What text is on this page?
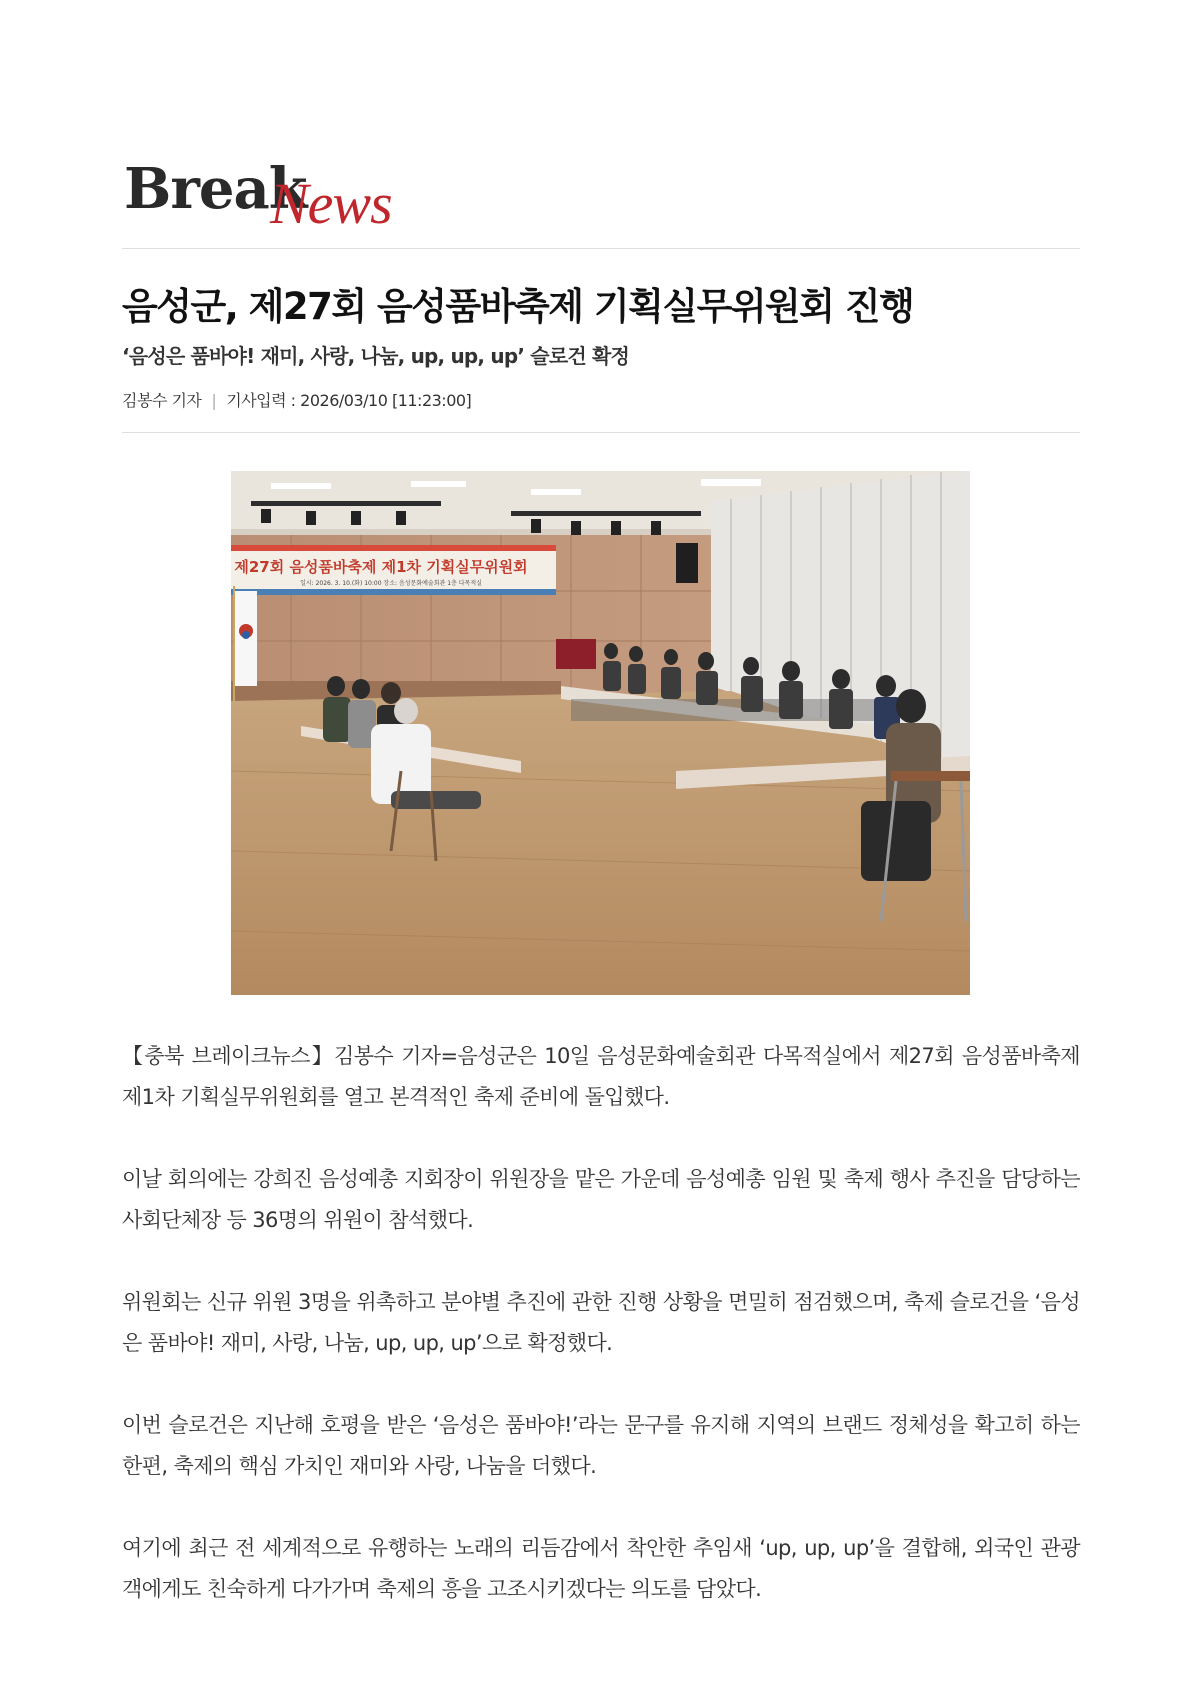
Break
News
음성군, 제27회 음성품바축제 기획실무위원회 진행
‘음성은 품바야! 재미, 사랑, 나눔, up, up, up’ 슬로건 확정
김봉수 기자 | 기사입력 : 2026/03/10 [11:23:00]
제27회 음성품바축제 제1차 기획실무위원회
일시: 2026. 3. 10.(화) 10:00 장소: 음성문화예술회관 1층 다목적실

【충북 브레이크뉴스】김봉수 기자=음성군은 10일 음성문화예술회관 다목적실에서 제27회 음성품바축제 제1차 기획실무위원회를 열고 본격적인 축제 준비에 돌입했다.

이날 회의에는 강희진 음성예총 지회장이 위원장을 맡은 가운데 음성예총 임원 및 축제 행사 추진을 담당하는 사회단체장 등 36명의 위원이 참석했다.

위원회는 신규 위원 3명을 위촉하고 분야별 추진에 관한 진행 상황을 면밀히 점검했으며, 축제 슬로건을 ‘음성은 품바야! 재미, 사랑, 나눔, up, up, up’으로 확정했다.

이번 슬로건은 지난해 호평을 받은 ‘음성은 품바야!’라는 문구를 유지해 지역의 브랜드 정체성을 확고히 하는 한편, 축제의 핵심 가치인 재미와 사랑, 나눔을 더했다.

여기에 최근 전 세계적으로 유행하는 노래의 리듬감에서 착안한 추임새 ‘up, up, up’을 결합해, 외국인 관광객에게도 친숙하게 다가가며 축제의 흥을 고조시키겠다는 의도를 담았다.
